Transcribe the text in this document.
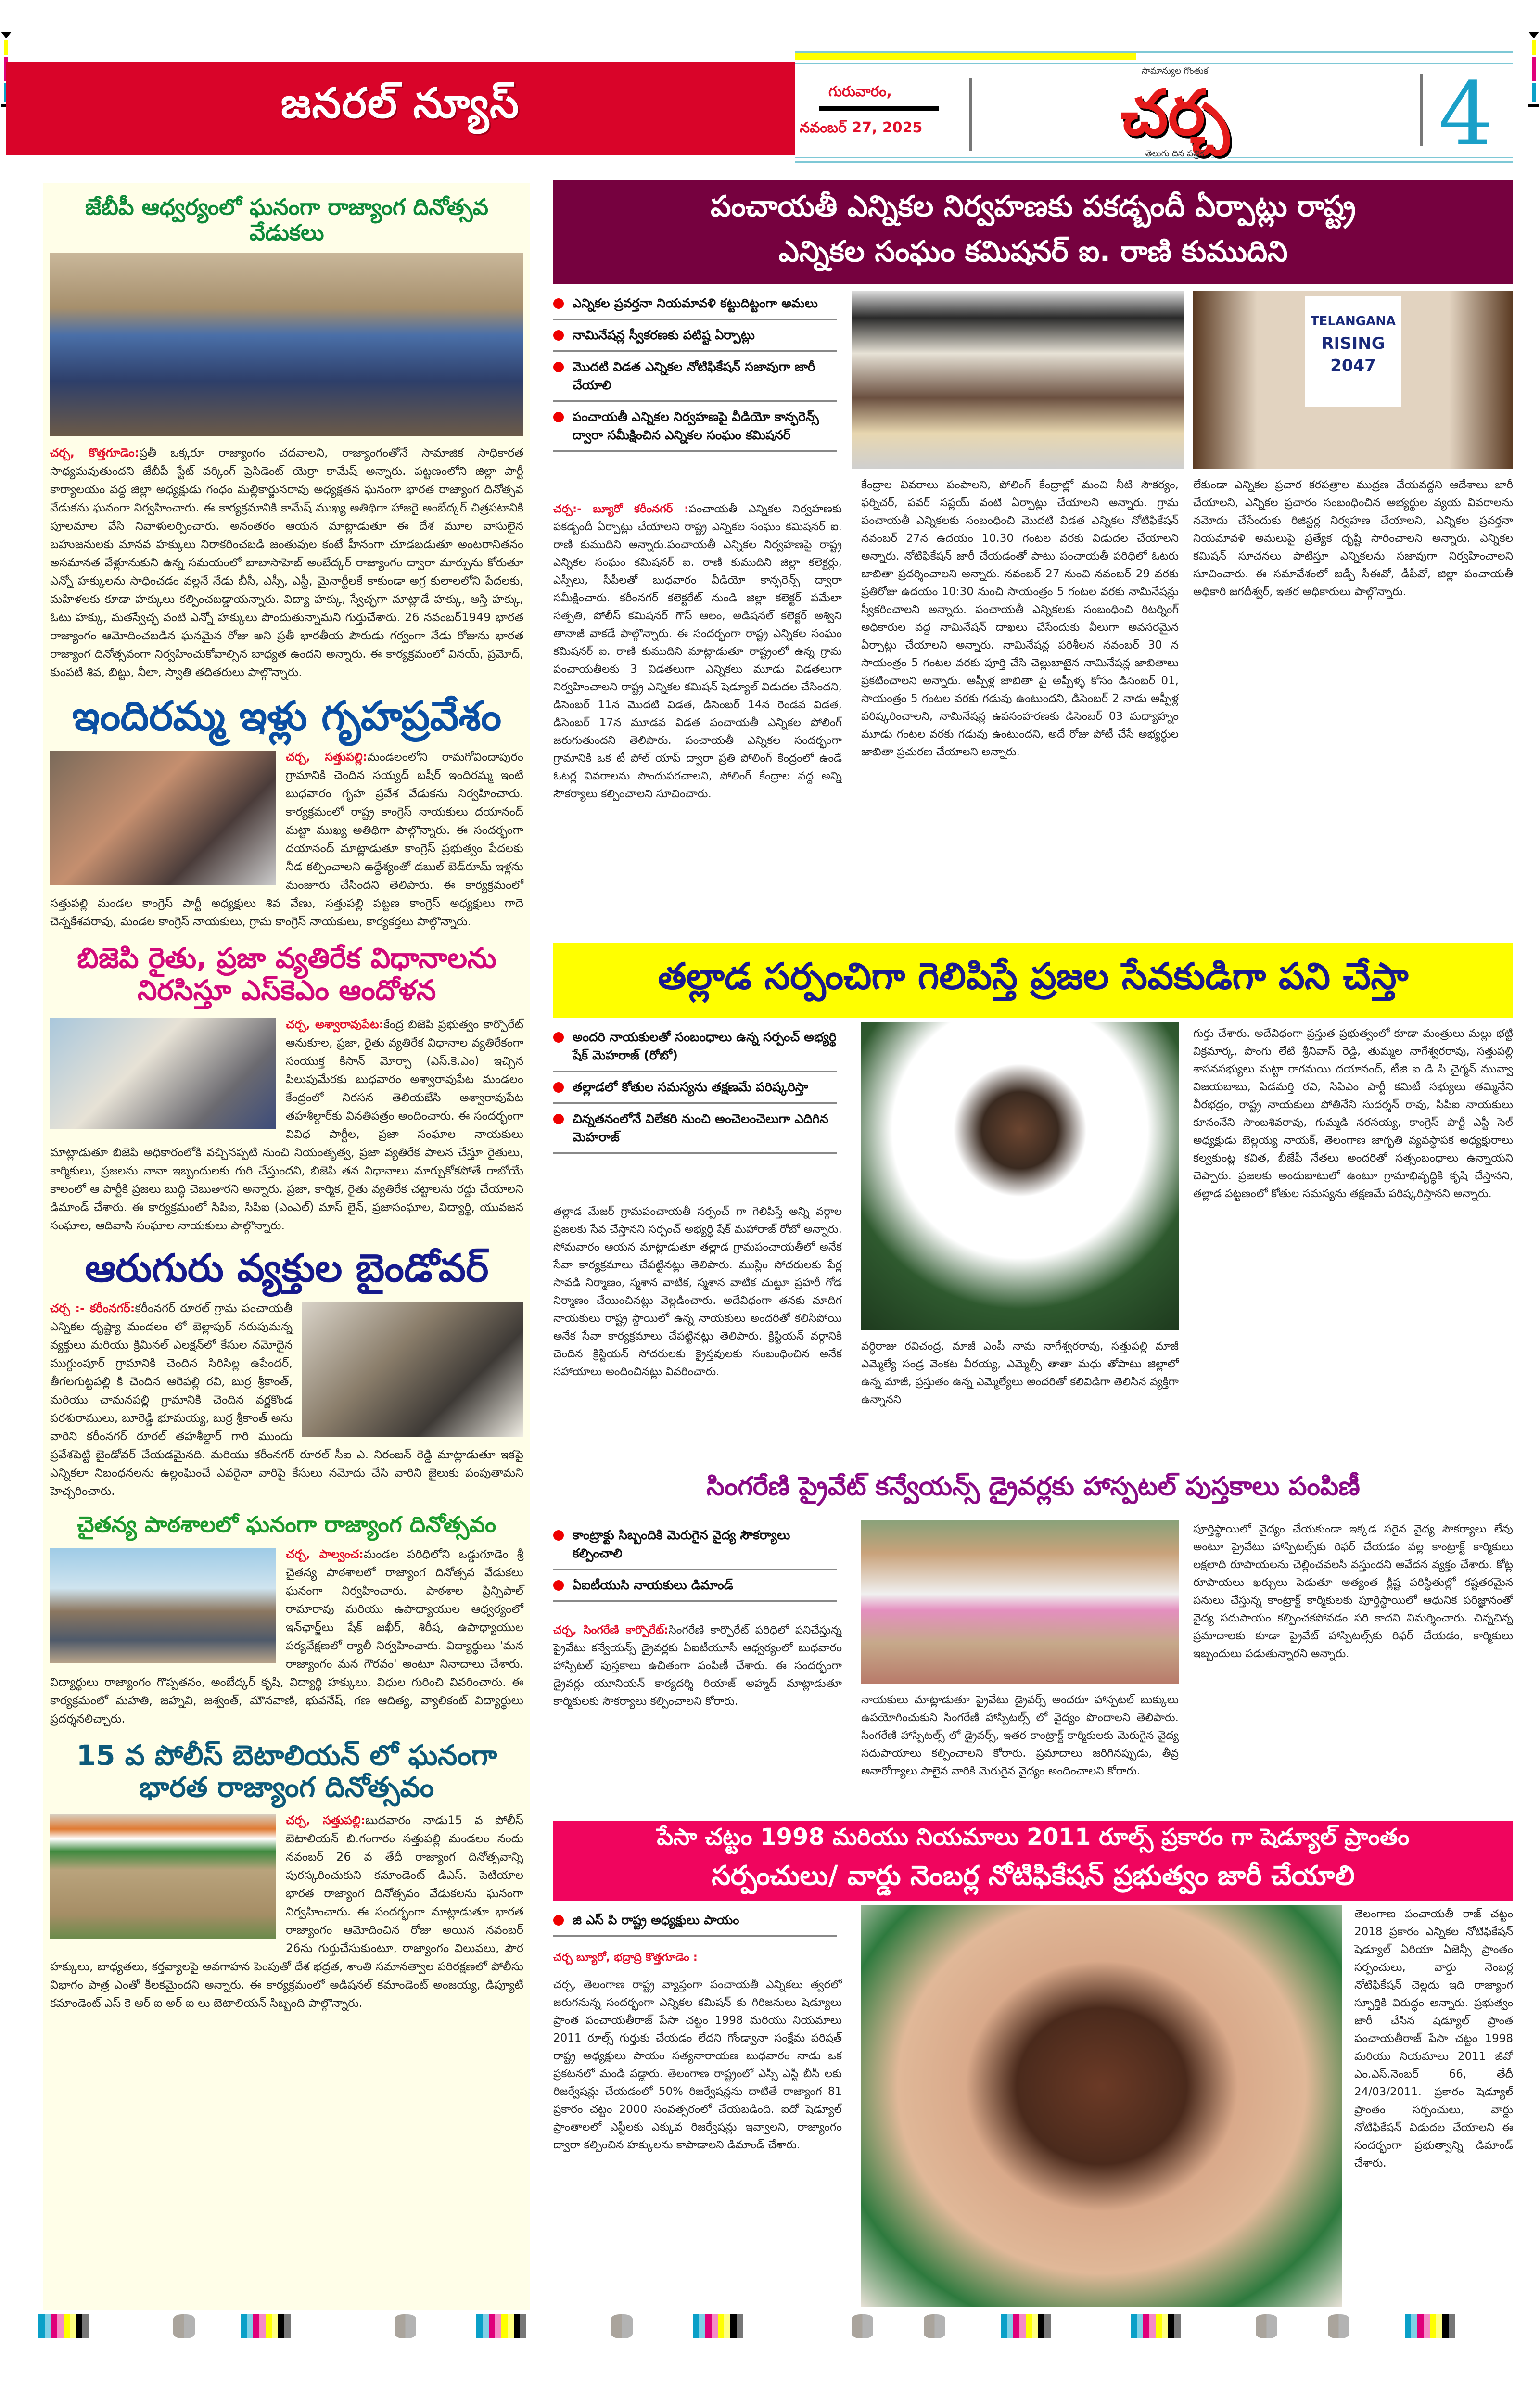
జనరల్ న్యూస్	గురువారం,
నవంబర్ 27, 2025
సామాన్యుల గొంతుక
చర్చ
తెలుగు దిన పత్రిక	4
జేబీపీ ఆధ్వర్యంలో ఘనంగా రాజ్యాంగ దినోత్సవ వేడుకలు
చర్చ, కొత్తగూడెం:ప్రతీ ఒక్కరూ రాజ్యాంగం చదవాలని, రాజ్యాంగంతోనే సామాజిక సాధికారత సాధ్యమవుతుందని జేబీపీ స్టేట్ వర్కింగ్ ప్రెసిడెంట్ యెర్రా కామేష్ అన్నారు. పట్టణంలోని జిల్లా పార్టీ కార్యాలయం వద్ద జిల్లా అధ్యక్షుడు గంధం మల్లికార్జునరావు అధ్యక్షతన ఘనంగా భారత రాజ్యాంగ దినోత్సవ వేడుకను ఘనంగా నిర్వహించారు. ఈ కార్యక్రమానికి కామేష్ ముఖ్య అతిథిగా హాజరై అంబేద్కర్ చిత్రపటానికి పూలమాల వేసి నివాళులర్పించారు. అనంతరం ఆయన మాట్లాడుతూ ఈ దేశ మూల వాసులైన బహుజనులకు మానవ హక్కులు నిరాకరించబడి జంతువుల కంటే హీనంగా చూడబడుతూ అంటరానితనం అసమానత వేళ్లూనుకుని ఉన్న సమయంలో బాబాసాహెబ్ అంబేద్కర్ రాజ్యాంగం ద్వారా మార్పును కోరుతూ ఎన్నో హక్కులను సాధించడం వల్లనే నేడు బీసీ, ఎస్సీ, ఎస్టీ, మైనార్టీలకే కాకుండా అగ్ర కులాలలోని పేదలకు, మహిళలకు కూడా హక్కులు కల్పించబడ్డాయన్నారు. విద్యా హక్కు, స్వేచ్ఛగా మాట్లాడే హక్కు, ఆస్తి హక్కు, ఓటు హక్కు, మతస్వేచ్ఛ వంటి ఎన్నో హక్కులు పొందుతున్నామని గుర్తుచేశారు. 26 నవంబర్1949 భారత రాజ్యాంగం ఆమోదించబడిన ఘనమైన రోజు అని ప్రతీ భారతీయ పౌరుడు గర్వంగా నేడు రోజును భారత రాజ్యాంగ దినోత్సవంగా నిర్వహించుకోవాల్సిన బాధ్యత ఉందని అన్నారు. ఈ కార్యక్రమంలో వినయ్, ప్రమోద్, కుంపటి శివ, బిట్టు, నీలా, స్వాతి తదితరులు పాల్గొన్నారు.
ఇందిరమ్మ ఇళ్లు గృహప్రవేశం
చర్చ, సత్తుపల్లి:మండలంలోని రామగోవిందాపురం గ్రామానికి చెందిన సయ్యద్ బషీర్ ఇందిరమ్మ ఇంటి బుధవారం గృహ ప్రవేశ వేడుకను నిర్వహించారు. కార్యక్రమంలో రాష్ట్ర కాంగ్రెస్ నాయకులు దయానంద్ మట్టా ముఖ్య అతిథిగా పాల్గొన్నారు. ఈ సందర్భంగా దయానంద్ మాట్లాడుతూ కాంగ్రెస్ ప్రభుత్వం పేదలకు నీడ కల్పించాలని ఉద్దేశ్యంతో డబుల్ బెడ్‌రూమ్ ఇళ్లను మంజూరు చేసిందని తెలిపారు. ఈ కార్యక్రమంలో సత్తుపల్లి మండల కాంగ్రెస్ పార్టీ అధ్యక్షులు శివ వేణు, సత్తుపల్లి పట్టణ కాంగ్రెస్ అధ్యక్షులు గాదె చెన్నకేశవరావు, మండల కాంగ్రెస్ నాయకులు, గ్రామ కాంగ్రెస్ నాయకులు, కార్యకర్తలు పాల్గొన్నారు.
బిజెపి రైతు, ప్రజా వ్యతిరేక విధానాలను నిరసిస్తూ ఎస్‌కెఎం ఆందోళన
చర్చ, అశ్వారావుపేట:కేంద్ర బిజెపి ప్రభుత్వం కార్పొరేట్ అనుకూల, ప్రజా, రైతు వ్యతిరేక విధానాల వ్యతిరేకంగా సంయుక్త కిసాన్ మోర్చా (ఎస్.కె.ఎం) ఇచ్చిన పిలుపుమేరకు బుధవారం అశ్వారావుపేట మండలం కేంద్రంలో నిరసన తెలియజేసి అశ్వారావుపేట తహశీల్దార్‌కు వినతిపత్రం అందించారు. ఈ సందర్భంగా వివిధ పార్టీల, ప్రజా సంఘాల నాయకులు మాట్లాడుతూ బిజెపి అధికారంలోకి వచ్చినప్పటి నుంచి నియంతృత్వ, ప్రజా వ్యతిరేక పాలన చేస్తూ రైతులు, కార్మికులు, ప్రజలను నానా ఇబ్బందులకు గురి చేస్తుందని, బిజెపి తన విధానాలు మార్చుకోకపోతే రాబోయే కాలంలో ఆ పార్టీకి ప్రజలు బుద్ధి చెబుతారని అన్నారు. ప్రజా, కార్మిక, రైతు వ్యతిరేక చట్టాలను రద్దు చేయాలని డిమాండ్ చేశారు. ఈ కార్యక్రమంలో సిపిఐ, సిపిఐ (ఎంఎల్) మాస్ లైన్, ప్రజాసంఘాల, విద్యార్థి, యువజన సంఘాల, ఆదివాసి సంఘాల నాయకులు పాల్గొన్నారు.
ఆరుగురు వ్యక్తుల బైండోవర్
చర్చ :- కరీంనగర్:కరీంనగర్ రూరల్ గ్రామ పంచాయతీ ఎన్నికల దృష్ట్యా మండలం లో బెల్లాపుర్ నరుపుమన్న వ్యక్తులు మరియు క్రిమినల్ ఎలక్షన్‌లో కేసుల నమోదైన ముగ్దుంపూర్ గ్రామానికి చెందిన సిరిసిల్ల ఉపేందర్, తీగలగుట్టపల్లి కి చెందిన ఆరెపల్లి రవి, బుర్ర శ్రీకాంత్, మరియు చామనపల్లి గ్రామానికి చెందిన వర్ణకొండ పరశురాములు, బూరెడ్డి భూమయ్య, బుర్ర శ్రీకాంత్ అను వారిని కరీంనగర్ రూరల్ తహశీల్దార్ గారి ముందు ప్రవేశపెట్టి బైండోవర్ చేయడమైనది. మరియు కరీంనగర్ రూరల్ సీఐ ఎ. నిరంజన్ రెడ్డి మాట్లాడుతూ ఇకపై ఎన్నికలా నిబంధనలను ఉల్లంఘించే ఎవరైనా వారిపై కేసులు నమోదు చేసి వారిని జైలుకు పంపుతామని హెచ్చరించారు.
చైతన్య పాఠశాలలో ఘనంగా రాజ్యాంగ దినోత్సవం
చర్చ, పాల్వంచ:మండల పరిధిలోని ఒడ్డుగూడెం శ్రీ చైతన్య పాఠశాలలో రాజ్యాంగ దినోత్సవ వేడుకలు ఘనంగా నిర్వహించారు. పాఠశాల ప్రిన్సిపాల్ రామారావు మరియు ఉపాధ్యాయుల ఆధ్వర్యంలో ఇన్‌ఛార్జ్‌లు షేక్ జఖీర్, శిరీష, ఉపాధ్యాయుల పర్యవేక్షణలో ర్యాలీ నిర్వహించారు. విద్యార్థులు 'మన రాజ్యాంగం మన గౌరవం' అంటూ నినాదాలు చేశారు. విద్యార్థులు రాజ్యాంగం గొప్పతనం, అంబేద్కర్ కృషి, విద్యార్థి హక్కులు, విధుల గురించి వివరించారు. ఈ కార్యక్రమంలో మహతి, జహ్నవి, జశ్వంత్, మౌనవాణి, భువనేష్, గణ ఆదిత్య, వ్యాలికంట్ విద్యార్థులు ప్రదర్శనలిచ్చారు.
15 వ పోలీస్ బెటాలియన్ లో ఘనంగా భారత రాజ్యాంగ దినోత్సవం
చర్చ, సత్తుపల్లి:బుధవారం నాడు15 వ పోలీస్ బెటాలియన్ బి.గంగారం సత్తుపల్లి మండలం నందు నవంబర్ 26 వ తేదీ రాజ్యాంగ దినోత్సవాన్ని పురస్కరించుకుని కమాండెంట్ డిఎస్. పెటియాల భారత రాజ్యాంగ దినోత్సవం వేడుకలను ఘనంగా నిర్వహించారు. ఈ సందర్భంగా మాట్లాడుతూ భారత రాజ్యాంగం ఆమోదించిన రోజు అయిన నవంబర్ 26ను గుర్తుచేసుకుంటూ, రాజ్యాంగం విలువలు, పౌర హక్కులు, బాధ్యతలు, కర్తవ్యాలపై అవగాహన పెంపుతో దేశ భద్రత, శాంతి సమానత్వాల పరిరక్షణలో పోలీసు విభాగం పాత్ర ఎంతో కీలకమైందని అన్నారు. ఈ కార్యక్రమంలో అడిషనల్ కమాండెంట్ అంజయ్య, డిప్యూటీ కమాండెంట్ ఎస్ కె ఆర్ ఐ అర్ ఐ లు బెటాలియన్ సిబ్బంది పాల్గొన్నారు.
పంచాయతీ ఎన్నికల నిర్వహణకు పకడ్బందీ ఏర్పాట్లు రాష్ట్ర
ఎన్నికల సంఘం కమిషనర్ ఐ. రాణి కుముదిని
ఎన్నికల ప్రవర్తనా నియమావళి కట్టుదిట్టంగా అమలు
నామినేషన్ల స్వీకరణకు పటిష్ట ఏర్పాట్లు
మొదటి విడత ఎన్నికల నోటిఫికేషన్ సజావుగా జారీ చేయాలి
పంచాయతీ ఎన్నికల నిర్వహణపై వీడియో కాన్ఫరెన్స్ ద్వారా సమీక్షించిన ఎన్నికల సంఘం కమిషనర్
చర్చ:- బ్యూరో కరీంనగర్ :పంచాయతీ ఎన్నికల నిర్వహణకు పకడ్బందీ ఏర్పాట్లు చేయాలని రాష్ట్ర ఎన్నికల సంఘం కమిషనర్ ఐ. రాణి కుముదిని అన్నారు.పంచాయతీ ఎన్నికల నిర్వహణపై రాష్ట్ర ఎన్నికల సంఘం కమిషనర్ ఐ. రాణి కుముదిని జిల్లా కలెక్టర్లు, ఎస్పీలు, సీపీలతో బుధవారం వీడియో కాన్ఫరెన్స్ ద్వారా సమీక్షించారు. కరీంనగర్ కలెక్టరేట్ నుండి జిల్లా కలెక్టర్ పమేలా సత్పతి, పోలీస్ కమిషనర్ గౌస్ ఆలం, అడిషనల్ కలెక్టర్ అశ్విని తానాజీ వాకడే పాల్గొన్నారు. ఈ సందర్భంగా రాష్ట్ర ఎన్నికల సంఘం కమిషనర్ ఐ. రాణి కుముదిని మాట్లాడుతూ రాష్ట్రంలో ఉన్న గ్రామ పంచాయతీలకు 3 విడతలుగా ఎన్నికలు మూడు విడతలుగా నిర్వహించాలని రాష్ట్ర ఎన్నికల కమిషన్ షెడ్యూల్ విడుదల చేసిందని, డిసెంబర్ 11న మొదటి విడత, డిసెంబర్ 14న రెండవ విడత, డిసెంబర్ 17న మూడవ విడత పంచాయతీ ఎన్నికల పోలింగ్ జరుగుతుందని తెలిపారు. పంచాయతీ ఎన్నికల సందర్భంగా గ్రామానికి ఒక టీ పోల్ యాప్ ద్వారా ప్రతి పోలింగ్ కేంద్రంలో ఉండే ఓటర్ల వివరాలను పొందుపరచాలని, పోలింగ్ కేంద్రాల వద్ద అన్ని సౌకర్యాలు కల్పించాలని సూచించారు.
TELANGANA
RISING
2047
కేంద్రాల వివరాలు పంపాలని, పోలింగ్ కేంద్రాల్లో మంచి నీటి సౌకర్యం, ఫర్నిచర్, పవర్ సప్లయ్ వంటి ఏర్పాట్లు చేయాలని అన్నారు. గ్రామ పంచాయతీ ఎన్నికలకు సంబంధించి మొదటి విడత ఎన్నికల నోటిఫికేషన్ నవంబర్ 27న ఉదయం 10.30 గంటల వరకు విడుదల చేయాలని అన్నారు. నోటిఫికేషన్ జారీ చేయడంతో పాటు పంచాయతీ పరిధిలో ఓటరు జాబితా ప్రదర్శించాలని అన్నారు. నవంబర్ 27 నుంచి నవంబర్ 29 వరకు ప్రతిరోజు ఉదయం 10:30 నుంచి సాయంత్రం 5 గంటల వరకు నామినేషన్లు స్వీకరించాలని అన్నారు. పంచాయతీ ఎన్నికలకు సంబంధించి రిటర్నింగ్ అధికారుల వద్ద నామినేషన్ దాఖలు చేసేందుకు వీలుగా అవసరమైన ఏర్పాట్లు చేయాలని అన్నారు. నామినేషన్ల పరిశీలన నవంబర్ 30 న సాయంత్రం 5 గంటల వరకు పూర్తి చేసి చెల్లుబాటైన నామినేషన్ల జాబితాలు ప్రకటించాలని అన్నారు. అప్పీళ్ల జాబితా పై అప్పీళ్ళ కోసం డిసెంబర్ 01, సాయంత్రం 5 గంటల వరకు గడువు ఉంటుందని, డిసెంబర్ 2 నాడు అప్పీళ్ల పరిష్కరించాలని, నామినేషన్ల ఉపసంహరణకు డిసెంబర్ 03 మధ్యాహ్నం మూడు గంటల వరకు గడువు ఉంటుందని, అదే రోజు పోటీ చేసే అభ్యర్థుల జాబితా ప్రచురణ చేయాలని అన్నారు.
లేకుండా ఎన్నికల ప్రచార కరపత్రాల ముద్రణ చేయవద్దని ఆదేశాలు జారీ చేయాలని, ఎన్నికల ప్రచారం సంబంధించిన అభ్యర్థుల వ్యయ వివరాలను నమోదు చేసేందుకు రిజిస్టర్ల నిర్వహణ చేయాలని, ఎన్నికల ప్రవర్తనా నియమావళి అమలుపై ప్రత్యేక దృష్టి సారించాలని అన్నారు. ఎన్నికల కమిషన్ సూచనలు పాటిస్తూ ఎన్నికలను సజావుగా నిర్వహించాలని సూచించారు. ఈ సమావేశంలో జడ్పీ సీఈవో, డీపీవో, జిల్లా పంచాయతీ అధికారి జగదీశ్వర్, ఇతర అధికారులు పాల్గొన్నారు.
తల్లాడ సర్పంచిగా గెలిపిస్తే ప్రజల సేవకుడిగా పని చేస్తా
అందరి నాయకులతో సంబంధాలు ఉన్న సర్పంచ్ అభ్యర్థి షేక్ మెహరాజ్ (రోబో)
తల్లాడలో కోతుల సమస్యను తక్షణమే పరిష్కరిస్తా
చిన్నతనంలోనే విలేకరి నుంచి అంచెలంచెలుగా ఎదిగిన మెహరాజ్
తల్లాడ మేజర్ గ్రామపంచాయతీ సర్పంచ్ గా గెలిపిస్తే అన్ని వర్గాల ప్రజలకు సేవ చేస్తానని సర్పంచ్ అభ్యర్థి షేక్ మహారాజ్ రోబో అన్నారు. సోమవారం ఆయన మాట్లాడుతూ తల్లాడ గ్రామపంచాయతీలో అనేక సేవా కార్యక్రమాలు చేపట్టినట్లు తెలిపారు. ముస్లిం సోదరులకు పేర్ల సావడి నిర్మాణం, స్మశాన వాటిక, స్మశాన వాటిక చుట్టూ ప్రహరీ గోడ నిర్మాణం చేయించినట్లు వెల్లడించారు. అదేవిధంగా తనకు మాదిగ నాయకులు రాష్ట్ర స్థాయిలో ఉన్న నాయకులు అందరితో కలిసిపోయి అనేక సేవా కార్యక్రమాలు చేపట్టినట్లు తెలిపారు. క్రిస్టియన్ వర్గానికి చెందిన క్రిస్టియన్ సోదరులకు క్రైస్తవులకు సంబంధించిన అనేక సహాయాలు అందించినట్లు వివరించారు.
వర్ధిరాజు రవిచంద్ర, మాజీ ఎంపీ నామ నాగేశ్వరరావు, సత్తుపల్లి మాజీ ఎమ్మెల్యే సండ్ర వెంకట వీరయ్య, ఎమ్మెల్సీ తాతా మధు తోపాటు జిల్లాలో ఉన్న మాజీ, ప్రస్తుతం ఉన్న ఎమ్మెల్యేలు అందరితో కలివిడిగా తెలిసిన వ్యక్తిగా ఉన్నానని
గుర్తు చేశారు. అదేవిధంగా ప్రస్తుత ప్రభుత్వంలో కూడా మంత్రులు మల్లు భట్టి విక్రమార్క, పొంగు లేటి శ్రీనివాస్ రెడ్డి, తుమ్మల నాగేశ్వరరావు, సత్తుపల్లి శాసనసభ్యులు మట్టా రాగమయి దయానంద్, టీజి ఐ డి సి చైర్మన్ మువ్వా విజయబాబు, పిడమర్తి రవి, సిపిఎం పార్టీ కమిటీ సభ్యులు తమ్మినేని వీరభద్రం, రాష్ట్ర నాయకులు పోతినేని సుదర్శన్ రావు, సిపిఐ నాయకులు కూనంనేని సాంబశివరావు, గుమ్మడి నరసయ్య, కాంగ్రెస్ పార్టీ ఎస్టీ సెల్ అధ్యక్షుడు బెల్లయ్య నాయక్, తెలంగాణ జాగృతి వ్యవస్థాపక అధ్యక్షురాలు కల్వకుంట్ల కవిత, బీజేపీ నేతలు అందరితో సత్సంబంధాలు ఉన్నాయని చెప్పారు. ప్రజలకు అందుబాటులో ఉంటూ గ్రామాభివృద్ధికి కృషి చేస్తానని, తల్లాడ పట్టణంలో కోతుల సమస్యను తక్షణమే పరిష్కరిస్తానని అన్నారు.
సింగరేణి ప్రైవేట్ కన్వేయన్స్ డ్రైవర్లకు హాస్పటల్ పుస్తకాలు పంపిణీ
కాంట్రాక్టు సిబ్బందికి మెరుగైన వైద్య సౌకర్యాలు కల్పించాలి
ఏఐటీయుసి నాయకులు డిమాండ్
చర్చ, సింగరేణి కార్పొరేట్:సింగరేణి కార్పొరేట్ పరిధిలో పనిచేస్తున్న ప్రైవేటు కన్వేయన్స్ డ్రైవర్లకు ఏఐటీయూసీ ఆధ్వర్యంలో బుధవారం హాస్పిటల్ పుస్తకాలు ఉచితంగా పంపిణీ చేశారు. ఈ సందర్భంగా డ్రైవర్లు యూనియన్ కార్యదర్శి రియాజ్ అహ్మద్ మాట్లాడుతూ కార్మికులకు సౌకర్యాలు కల్పించాలని కోరారు.	నాయకులు మాట్లాడుతూ ప్రైవేటు డ్రైవర్స్ అందరూ హాస్పటల్ బుక్కులు ఉపయోగించుకుని సింగరేణి హాస్పిటల్స్ లో వైద్యం పొందాలని తెలిపారు. సింగరేణి హాస్పిటల్స్ లో డ్రైవర్స్, ఇతర కాంట్రాక్ట్ కార్మికులకు మెరుగైన వైద్య సదుపాయాలు కల్పించాలని కోరారు. ప్రమాదాలు జరిగినప్పుడు, తీవ్ర అనారోగ్యాలు పాలైన వారికి మెరుగైన వైద్యం అందించాలని కోరారు.
పూర్తిస్థాయిలో వైద్యం చేయకుండా ఇక్కడ సరైన వైద్య సౌకర్యాలు లేవు అంటూ ప్రైవేటు హాస్పిటల్స్‌కు రిఫర్ చేయడం వల్ల కాంట్రాక్ట్ కార్మికులు లక్షలాది రూపాయలను చెల్లించవలసి వస్తుందని ఆవేదన వ్యక్తం చేశారు. కోట్ల రూపాయలు ఖర్చులు పెడుతూ అత్యంత క్లిష్ట పరిస్థితుల్లో కష్టతరమైన పనులు చేస్తున్న కాంట్రాక్ట్ కార్మికులకు పూర్తిస్థాయిలో ఆధునిక పరిజ్ఞానంతో వైద్య సదుపాయం కల్పించకపోవడం సరి కాదని విమర్శించారు. చిన్నచిన్న ప్రమాదాలకు కూడా ప్రైవేట్ హాస్పిటల్స్‌కు రిఫర్ చేయడం, కార్మికులు ఇబ్బందులు పడుతున్నారని అన్నారు.
పేసా చట్టం 1998 మరియు నియమాలు 2011 రూల్స్ ప్రకారం గా షెడ్యూల్ ప్రాంతం
సర్పంచులు/ వార్డు నెంబర్ల నోటిఫికేషన్ ప్రభుత్వం జారీ చేయాలి
జి ఎస్ పి రాష్ట్ర అధ్యక్షులు పాయం
చర్చ బ్యూరో, భద్రాద్రి కొత్తగూడెం :
చర్చ, తెలంగాణ రాష్ట్ర వ్యాప్తంగా పంచాయతీ ఎన్నికలు త్వరలో జరుగనున్న సందర్భంగా ఎన్నికల కమిషన్ కు గిరిజనులు షెడ్యూలు ప్రాంత పంచాయతీరాజ్ పేసా చట్టం 1998 మరియు నియమాలు 2011 రూల్స్ గుర్తుకు చేయడం లేదని గోండ్వానా సంక్షేమ పరిషత్ రాష్ట్ర అధ్యక్షులు పాయం సత్యనారాయణ బుధవారం నాడు ఒక ప్రకటనలో మండి పడ్డారు. తెలంగాణ రాష్ట్రంలో ఎస్సీ ఎస్టీ బీసీ లకు రిజర్వేషన్లు చేయడంలో 50% రిజర్వేషన్లను దాటితే రాజ్యాంగ 81 ప్రకారం చట్టం 2000 సంవత్సరంలో చేయబడింది. ఐదో షెడ్యూల్ ప్రాంతాలలో ఎస్టీలకు ఎక్కువ రిజర్వేషన్లు ఇవ్వాలని, రాజ్యాంగం ద్వారా కల్పించిన హక్కులను కాపాడాలని డిమాండ్ చేశారు.
తెలంగాణ పంచాయతీ రాజ్ చట్టం 2018 ప్రకారం ఎన్నికల నోటిఫికేషన్ షెడ్యూల్ ఏరియా ఏజెన్సీ ప్రాంతం సర్పంచులు, వార్డు నెంబర్ల నోటిఫికేషన్ చెల్లదు ఇది రాజ్యాంగ స్ఫూర్తికి విరుద్ధం అన్నారు. ప్రభుత్వం జారీ చేసిన షెడ్యూల్ ప్రాంత పంచాయతీరాజ్ పేసా చట్టం 1998 మరియు నియమాలు 2011 జీవో ఎం.ఎస్.నెంబర్ 66, తేదీ 24/03/2011. ప్రకారం షెడ్యూల్ ప్రాంతం సర్పంచులు, వార్డు నోటిఫికేషన్ విడుదల చేయాలని ఈ సందర్భంగా ప్రభుత్వాన్ని డిమాండ్ చేశారు.
